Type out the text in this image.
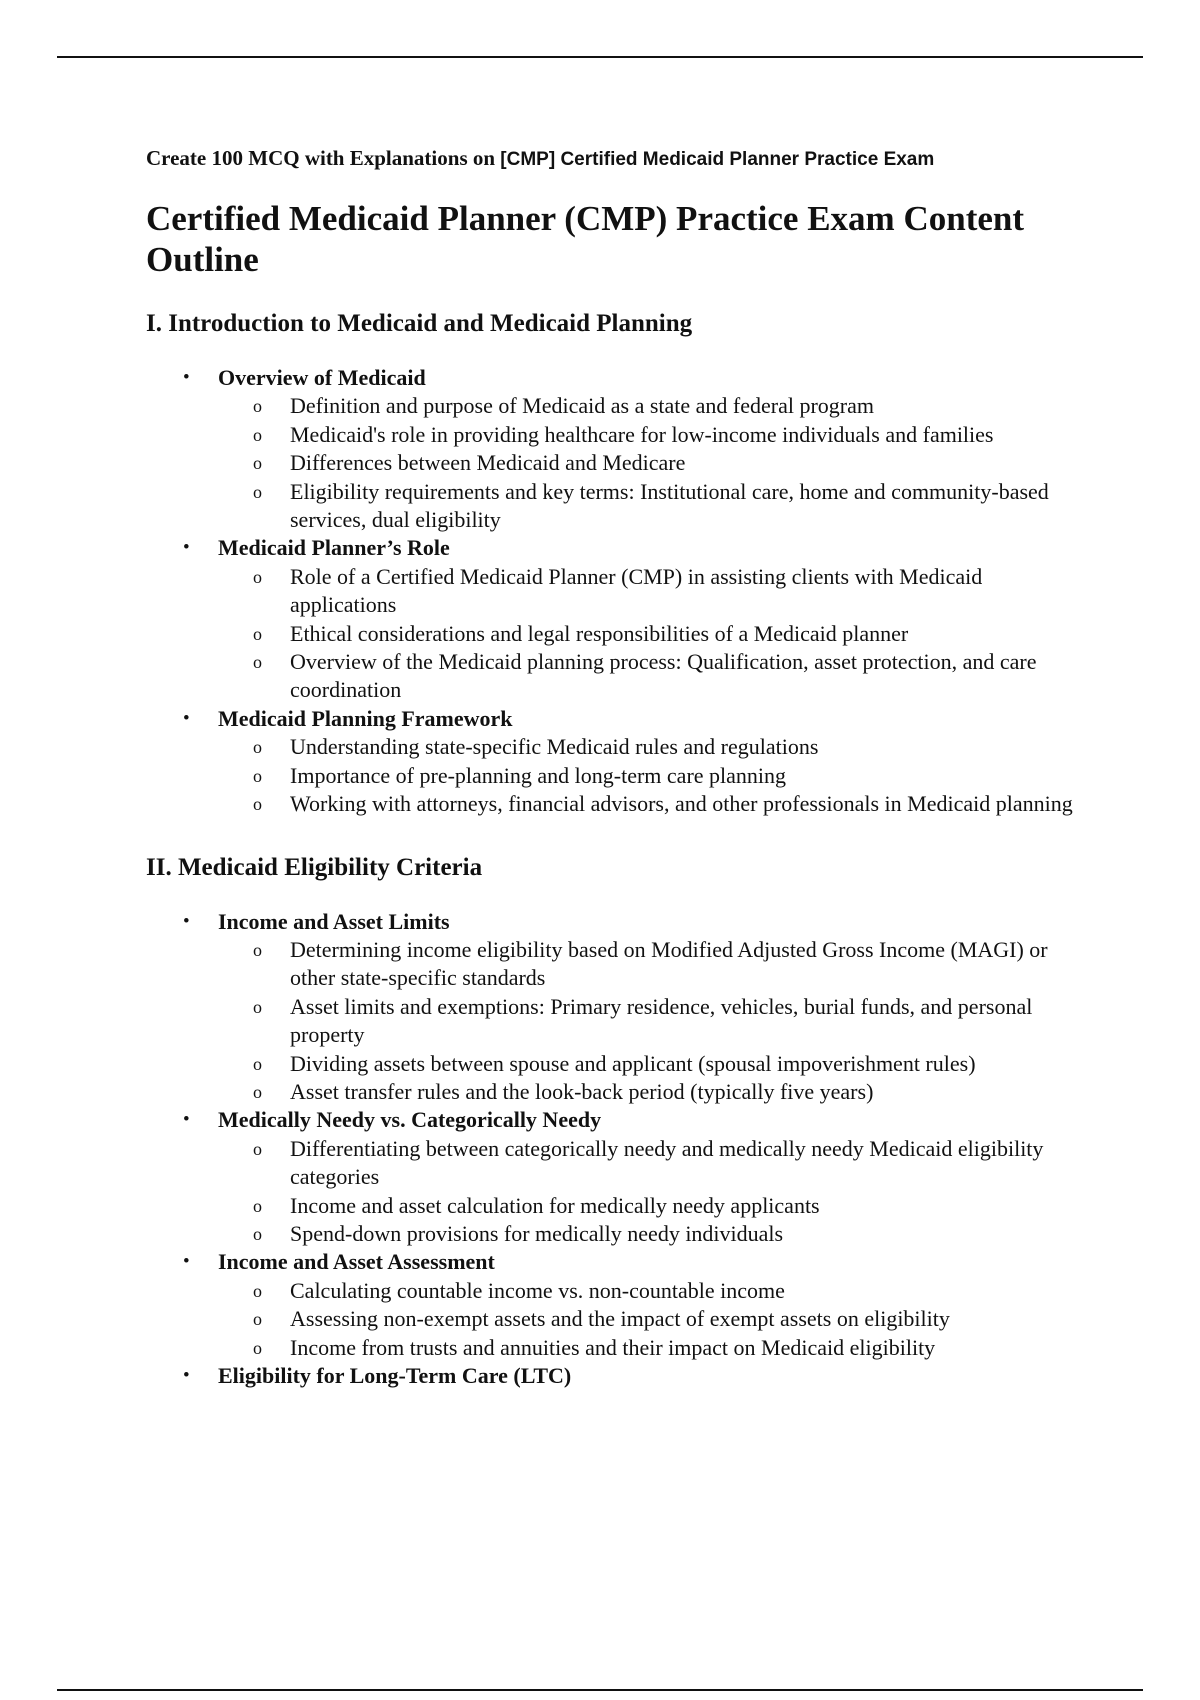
Create 100 MCQ with Explanations on [CMP] Certified Medicaid Planner Practice Exam

Certified Medicaid Planner (CMP) Practice Exam Content Outline
I. Introduction to Medicaid and Medicaid Planning
• Overview of Medicaid
o Definition and purpose of Medicaid as a state and federal program
o Medicaid's role in providing healthcare for low-income individuals and families
o Differences between Medicaid and Medicare
o Eligibility requirements and key terms: Institutional care, home and community-based services, dual eligibility
• Medicaid Planner’s Role
o Role of a Certified Medicaid Planner (CMP) in assisting clients with Medicaid applications
o Ethical considerations and legal responsibilities of a Medicaid planner
o Overview of the Medicaid planning process: Qualification, asset protection, and care coordination
• Medicaid Planning Framework
o Understanding state-specific Medicaid rules and regulations
o Importance of pre-planning and long-term care planning
o Working with attorneys, financial advisors, and other professionals in Medicaid planning
II. Medicaid Eligibility Criteria
• Income and Asset Limits
o Determining income eligibility based on Modified Adjusted Gross Income (MAGI) or other state-specific standards
o Asset limits and exemptions: Primary residence, vehicles, burial funds, and personal property
o Dividing assets between spouse and applicant (spousal impoverishment rules)
o Asset transfer rules and the look-back period (typically five years)
• Medically Needy vs. Categorically Needy
o Differentiating between categorically needy and medically needy Medicaid eligibility categories
o Income and asset calculation for medically needy applicants
o Spend-down provisions for medically needy individuals
• Income and Asset Assessment
o Calculating countable income vs. non-countable income
o Assessing non-exempt assets and the impact of exempt assets on eligibility
o Income from trusts and annuities and their impact on Medicaid eligibility
• Eligibility for Long-Term Care (LTC)
